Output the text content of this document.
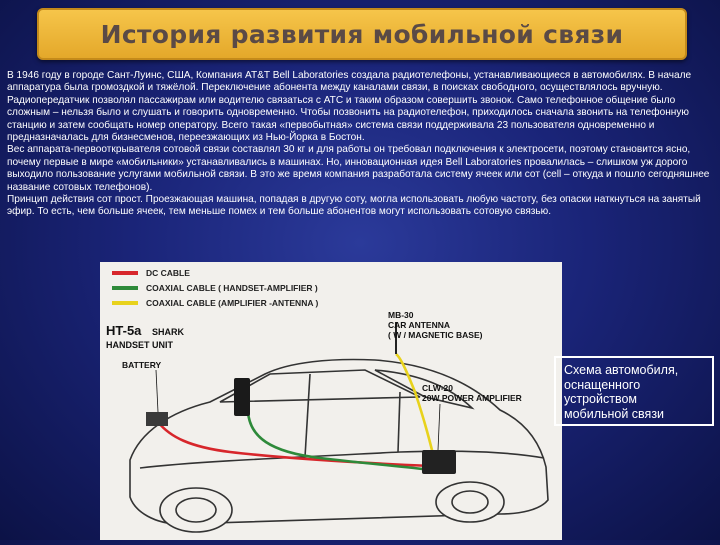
История развития мобильной связи

В 1946 году в городе Сант-Луинс, США, Компания AT&T Bell Laboratories создала радиотелефоны, устанавливающиеся в автомобилях. В начале аппаратура была громоздкой и тяжёлой. Переключение абонента между каналами связи, в поисках свободного, осуществлялось вручную. Радиопередатчик позволял пассажирам или водителю связаться с АТС и таким образом совершить звонок. Само телефонное общение было сложным – нельзя было и слушать и говорить одновременно. Чтобы позвонить на радиотелефон, приходилось сначала звонить на телефонную станцию и затем сообщать номер оператору. Всего такая «первобытная» система связи поддерживала 23 пользователя одновременно и предназначалась для бизнесменов, переезжающих из Нью-Йорка в Бостон.

Вес аппарата-первооткрывателя сотовой связи составлял 30 кг и для работы он требовал подключения к электросети, поэтому становится ясно, почему первые в мире «мобильники» устанавливались в машинах. Но, инновационная идея Bell Laboratories провалилась – слишком уж дорого выходило пользование услугами мобильной связи. В это же время компания разработала систему ячеек или сот (cell – откуда и пошло сегодняшнее название сотовых телефонов).

Принцип действия сот прост. Проезжающая машина, попадая в другую соту, могла использовать любую частоту, без опаски наткнуться на занятый эфир. То есть, чем больше ячеек, тем меньше помех и тем больше абонентов могут использовать сотовую связью.

DC CABLE
COAXIAL CABLE ( HANDSET-AMPLIFIER )
COAXIAL CABLE (AMPLIFIER -ANTENNA )
HT-5a SHARK
HANDSET UNIT
BATTERY
MB-30
CAR ANTENNA
( W / MAGNETIC BASE)
CLW-20
20W POWER AMPLIFIER
Схема автомобиля, оснащенного устройством мобильной связи
